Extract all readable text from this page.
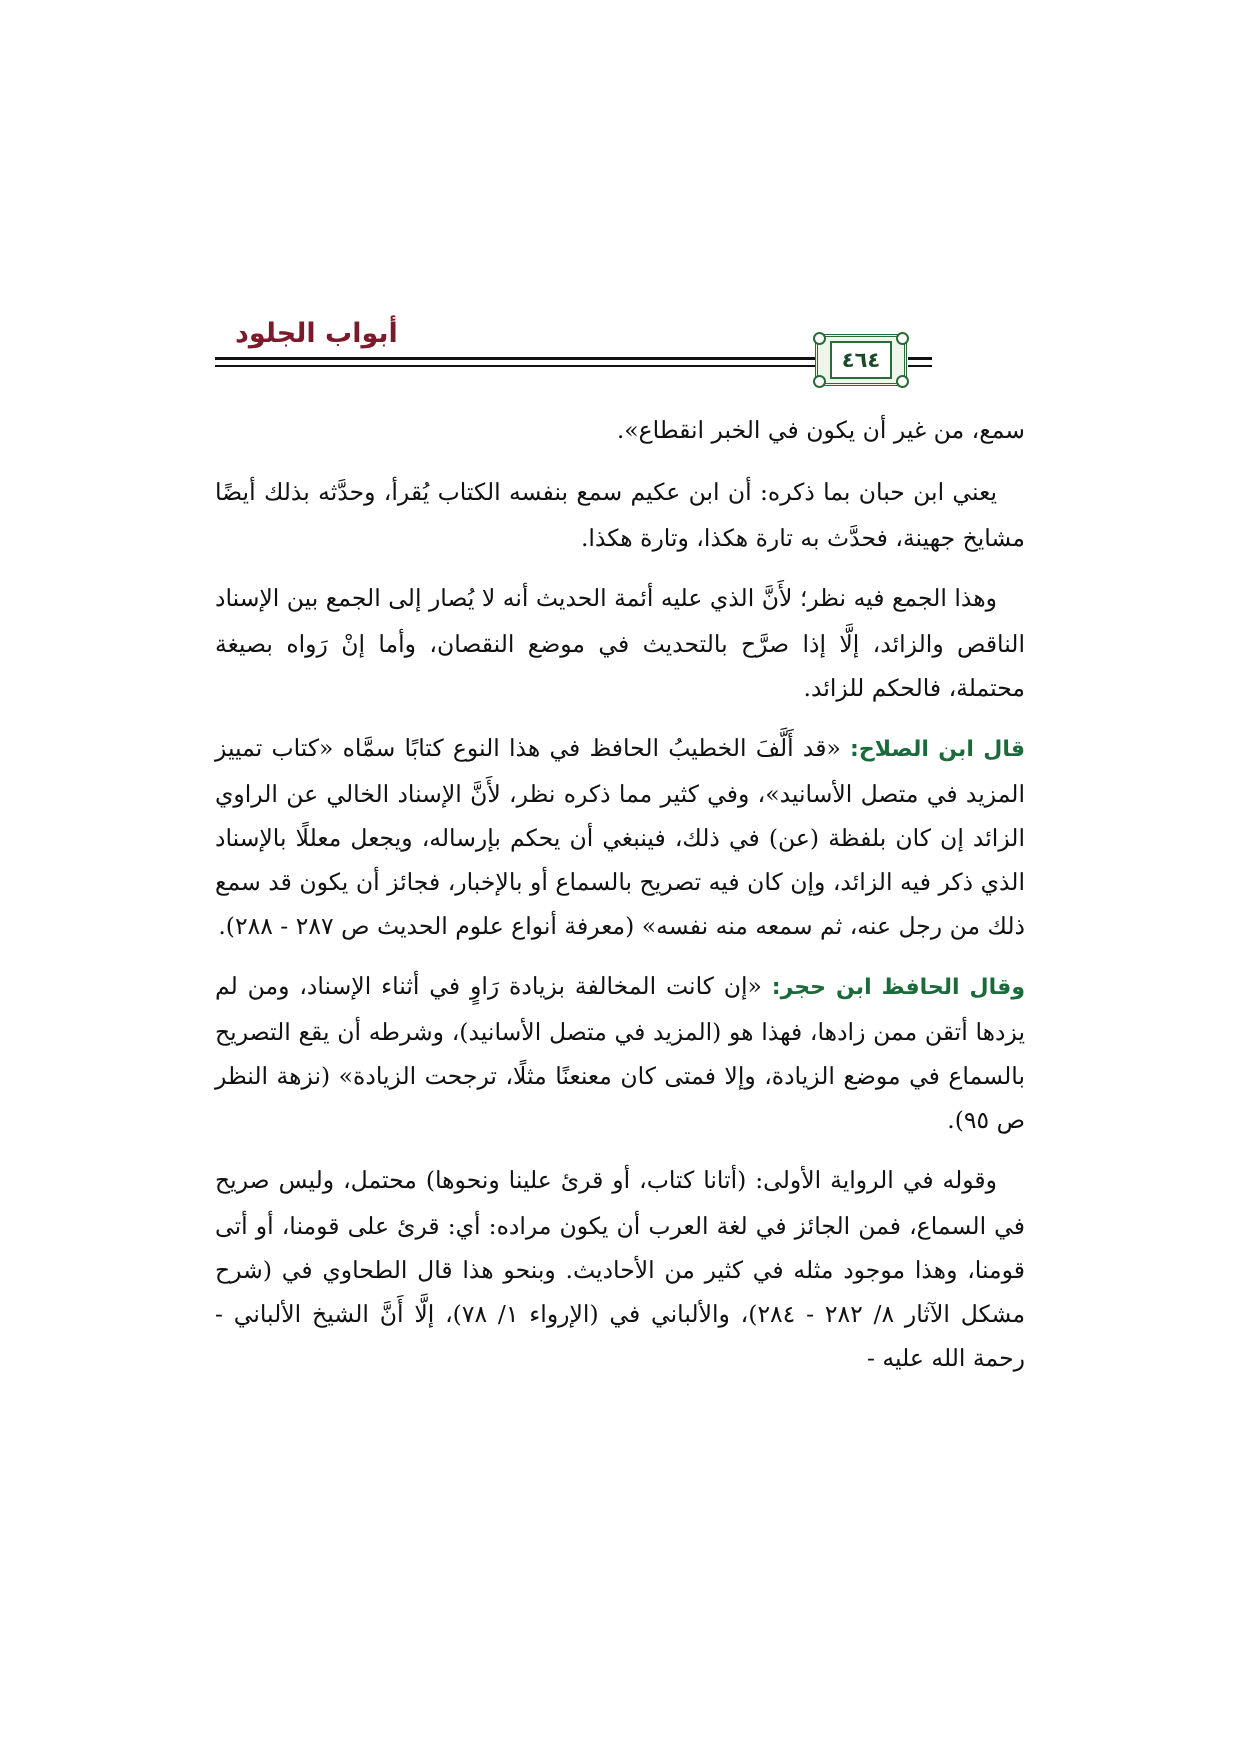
أبواب الجلود
٤٦٤

سمع، من غير أن يكون في الخبر انقطاع».

يعني ابن حبان بما ذكره: أن ابن عكيم سمع بنفسه الكتاب يُقرأ، وحدَّثه بذلك أيضًا مشايخ جهينة، فحدَّث به تارة هكذا، وتارة هكذا.

وهذا الجمع فيه نظر؛ لأَنَّ الذي عليه أئمة الحديث أنه لا يُصار إلى الجمع بين الإسناد الناقص والزائد، إلَّا إذا صرَّح بالتحديث في موضع النقصان، وأما إنْ رَواه بصيغة محتملة، فالحكم للزائد.

قال ابن الصلاح: «قد أَلَّفَ الخطيبُ الحافظ في هذا النوع كتابًا سمَّاه «كتاب تمييز المزيد في متصل الأسانيد»، وفي كثير مما ذكره نظر، لأَنَّ الإسناد الخالي عن الراوي الزائد إن كان بلفظة (عن) في ذلك، فينبغي أن يحكم بإرساله، ويجعل معللًا بالإسناد الذي ذكر فيه الزائد، وإن كان فيه تصريح بالسماع أو بالإخبار، فجائز أن يكون قد سمع ذلك من رجل عنه، ثم سمعه منه نفسه» (معرفة أنواع علوم الحديث ص ٢٨٧ - ٢٨٨).

وقال الحافظ ابن حجر: «إن كانت المخالفة بزيادة رَاوٍ في أثناء الإسناد، ومن لم يزدها أتقن ممن زادها، فهذا هو (المزيد في متصل الأسانيد)، وشرطه أن يقع التصريح بالسماع في موضع الزيادة، وإلا فمتى كان معنعنًا مثلًا، ترجحت الزيادة» (نزهة النظر ص ٩٥).

وقوله في الرواية الأولى: (أتانا كتاب، أو قرئ علينا ونحوها) محتمل، وليس صريح في السماع، فمن الجائز في لغة العرب أن يكون مراده: أي: قرئ على قومنا، أو أتى قومنا، وهذا موجود مثله في كثير من الأحاديث. وبنحو هذا قال الطحاوي في (شرح مشكل الآثار ٨/ ٢٨٢ - ٢٨٤)، والألباني في (الإرواء ١/ ٧٨)، إلَّا أَنَّ الشيخ الألباني - رحمة الله عليه -
